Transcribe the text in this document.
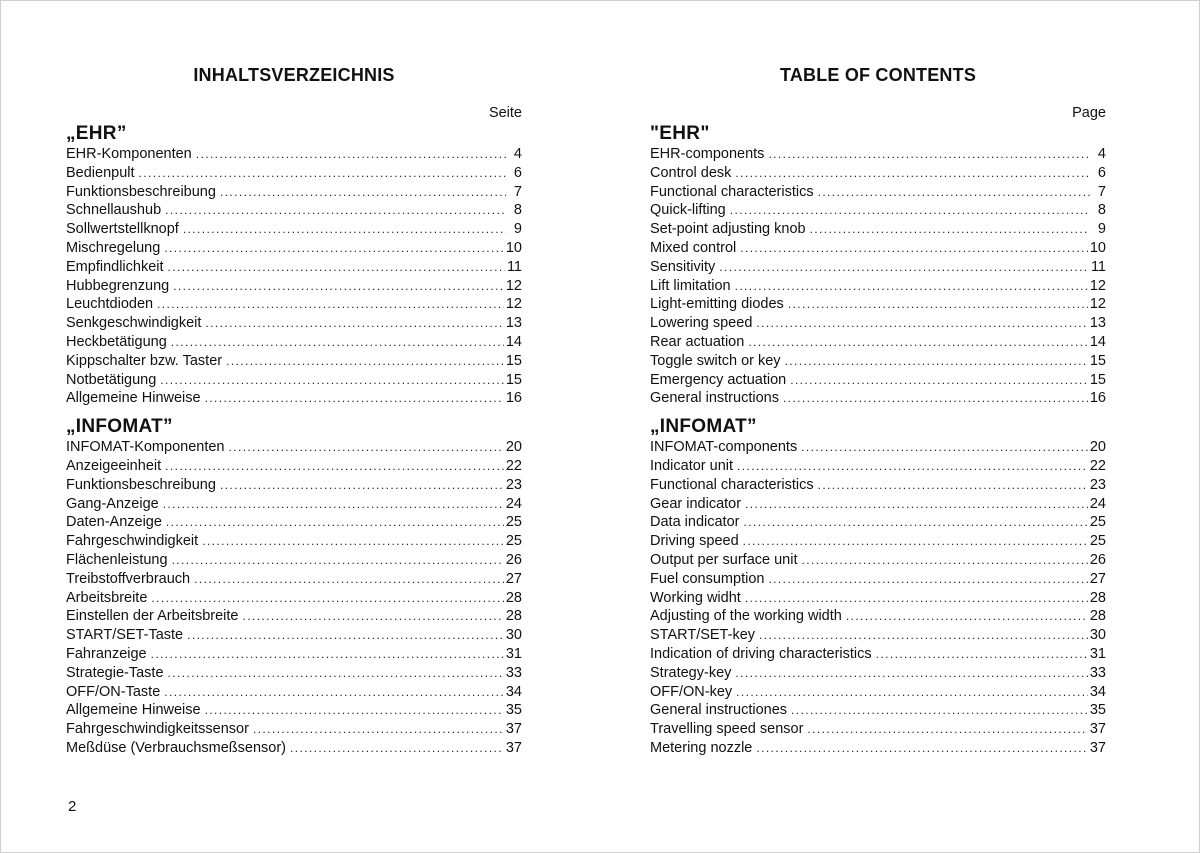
INHALTSVERZEICHNIS
Seite
„EHR”
EHR-Komponenten .....	4
Bedienpult .....	6
Funktionsbeschreibung .....	7
Schnellaushub .....	8
Sollwertstellknopf .....	9
Mischregelung .....	10
Empfindlichkeit .....	11
Hubbegrenzung .....	12
Leuchtdioden .....	12
Senkgeschwindigkeit .....	13
Heckbetätigung .....	14
Kippschalter bzw. Taster .....	15
Notbetätigung .....	15
Allgemeine Hinweise .....	16
„INFOMAT”
INFOMAT-Komponenten .....	20
Anzeigeeinheit .....	22
Funktionsbeschreibung .....	23
Gang-Anzeige .....	24
Daten-Anzeige .....	25
Fahrgeschwindigkeit .....	25
Flächenleistung .....	26
Treibstoffverbrauch .....	27
Arbeitsbreite .....	28
Einstellen der Arbeitsbreite .....	28
START/SET-Taste .....	30
Fahranzeige .....	31
Strategie-Taste .....	33
OFF/ON-Taste .....	34
Allgemeine Hinweise .....	35
Fahrgeschwindigkeitssensor .....	37
Meßdüse (Verbrauchsmeßsensor) .....	37
TABLE OF CONTENTS
Page
"EHR"
EHR-components .....	4
Control desk .....	6
Functional characteristics .....	7
Quick-lifting .....	8
Set-point adjusting knob .....	9
Mixed control .....	10
Sensitivity .....	11
Lift limitation .....	12
Light-emitting diodes .....	12
Lowering speed .....	13
Rear actuation .....	14
Toggle switch or key .....	15
Emergency actuation .....	15
General instructions .....	16
„INFOMAT”
INFOMAT-components .....	20
Indicator unit .....	22
Functional characteristics .....	23
Gear indicator .....	24
Data indicator .....	25
Driving speed .....	25
Output per surface unit .....	26
Fuel consumption .....	27
Working widht .....	28
Adjusting of the working width .....	28
START/SET-key .....	30
Indication of driving characteristics .....	31
Strategy-key .....	33
OFF/ON-key .....	34
General instructiones .....	35
Travelling speed sensor .....	37
Metering nozzle .....	37
2
